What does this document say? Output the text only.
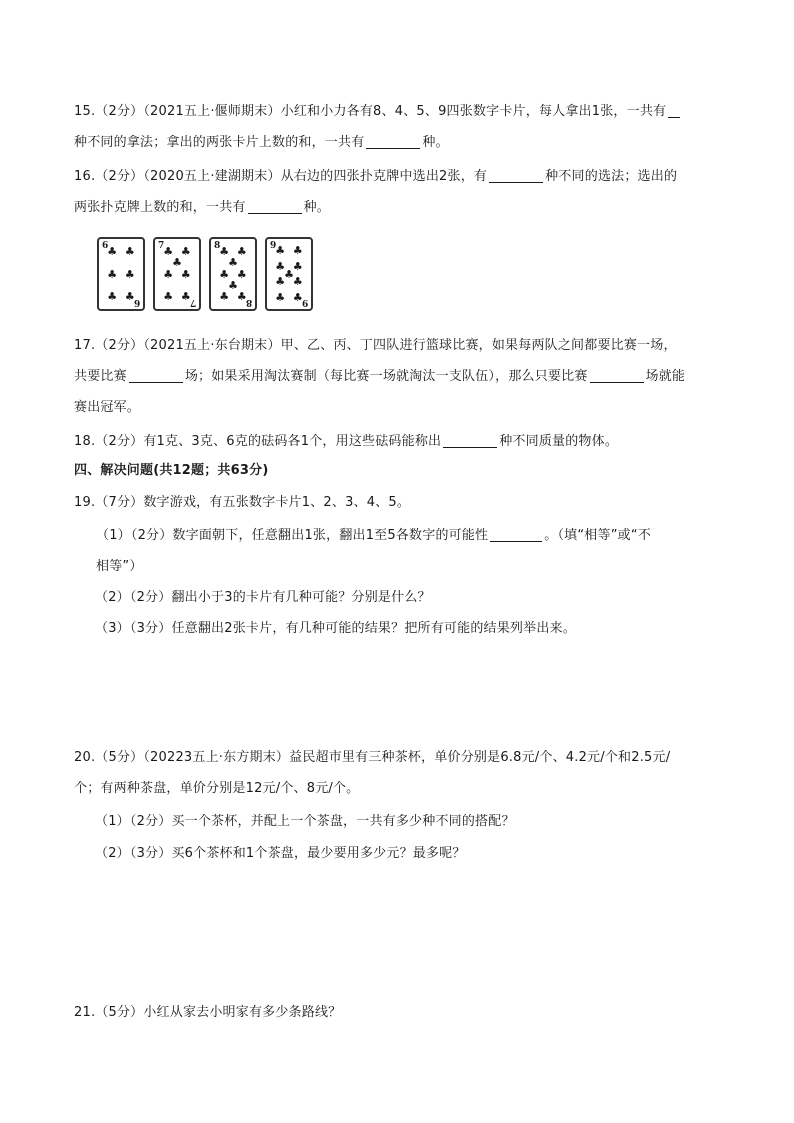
15.（2分）（2021五上·偃师期末）小红和小力各有8、4、5、9四张数字卡片，每人拿出1张，一共有
种不同的拿法；拿出的两张卡片上数的和，一共有	种。
16.（2分）（2020五上·建湖期末）从右边的四张扑克牌中选出2张，有	种不同的选法；选出的
两张扑克牌上数的和，一共有	种。
6
6
♣ ♣
♣ ♣
♣ ♣
7
7
♣ ♣
♣
♣ ♣
♣ ♣
8
8
♣ ♣
♣
♣ ♣
♣
♣ ♣
9
9
♣ ♣
♣ ♣
♣
♣ ♣
♣ ♣
17.（2分）（2021五上·东台期末）甲、乙、丙、丁四队进行篮球比赛，如果每两队之间都要比赛一场，
共要比赛	场；如果采用淘汰赛制（每比赛一场就淘汰一支队伍），那么只要比赛	场就能
赛出冠军。
18.（2分）有1克、3克、6克的砝码各1个，用这些砝码能称出	种不同质量的物体。
四、解决问题(共12题；共63分)
19.（7分）数字游戏，有五张数字卡片1、2、3、4、5。
（1）（2分）数字面朝下，任意翻出1张，翻出1至5各数字的可能性	。（填“相等”或“不
相等”）
（2）（2分）翻出小于3的卡片有几种可能？分别是什么？
（3）（3分）任意翻出2张卡片，有几种可能的结果？把所有可能的结果列举出来。
20.（5分）（20223五上·东方期末）益民超市里有三种茶杯，单价分别是6.8元/个、4.2元/个和2.5元/
个；有两种茶盘，单价分别是12元/个、8元/个。
（1）（2分）买一个茶杯，并配上一个茶盘，一共有多少种不同的搭配？
（2）（3分）买6个茶杯和1个茶盘，最少要用多少元？最多呢？
21.（5分）小红从家去小明家有多少条路线？
